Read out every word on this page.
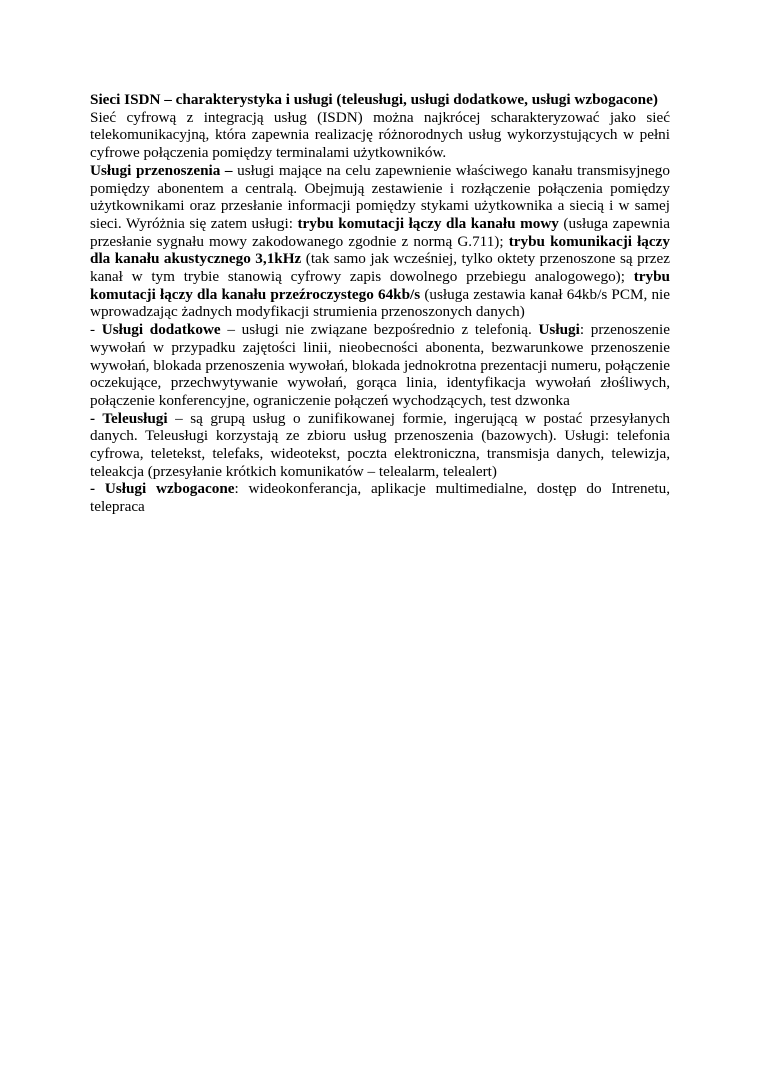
Sieci ISDN – charakterystyka i usługi (teleusługi, usługi dodatkowe, usługi wzbogacone)

Sieć cyfrową z integracją usług (ISDN) można najkrócej scharakteryzować jako sieć telekomunikacyjną, która zapewnia realizację różnorodnych usług wykorzystujących w pełni cyfrowe połączenia pomiędzy terminalami użytkowników.

Usługi przenoszenia – usługi mające na celu zapewnienie właściwego kanału transmisyjnego pomiędzy abonentem a centralą. Obejmują zestawienie i rozłączenie połączenia pomiędzy użytkownikami oraz przesłanie informacji pomiędzy stykami użytkownika a siecią i w samej sieci. Wyróżnia się zatem usługi: trybu komutacji łączy dla kanału mowy (usługa zapewnia przesłanie sygnału mowy zakodowanego zgodnie z normą G.711); trybu komunikacji łączy dla kanału akustycznego 3,1kHz (tak samo jak wcześniej, tylko oktety przenoszone są przez kanał w tym trybie stanowią cyfrowy zapis dowolnego przebiegu analogowego); trybu komutacji łączy dla kanału przeźroczystego 64kb/s (usługa zestawia kanał 64kb/s PCM, nie wprowadzając żadnych modyfikacji strumienia przenoszonych danych)

- Usługi dodatkowe – usługi nie związane bezpośrednio z telefonią. Usługi: przenoszenie wywołań w przypadku zajętości linii, nieobecności abonenta, bezwarunkowe przenoszenie wywołań, blokada przenoszenia wywołań, blokada jednokrotna prezentacji numeru, połączenie oczekujące, przechwytywanie wywołań, gorąca linia, identyfikacja wywołań złośliwych, połączenie konferencyjne, ograniczenie połączeń wychodzących, test dzwonka

- Teleusługi – są grupą usług o zunifikowanej formie, ingerującą w postać przesyłanych danych. Teleusługi korzystają ze zbioru usług przenoszenia (bazowych). Usługi: telefonia cyfrowa, teletekst, telefaks, wideotekst, poczta elektroniczna, transmisja danych, telewizja, teleakcja (przesyłanie krótkich komunikatów – telealarm, telealert)

- Usługi wzbogacone: wideokonferancja, aplikacje multimedialne, dostęp do Intrenetu, telepraca
